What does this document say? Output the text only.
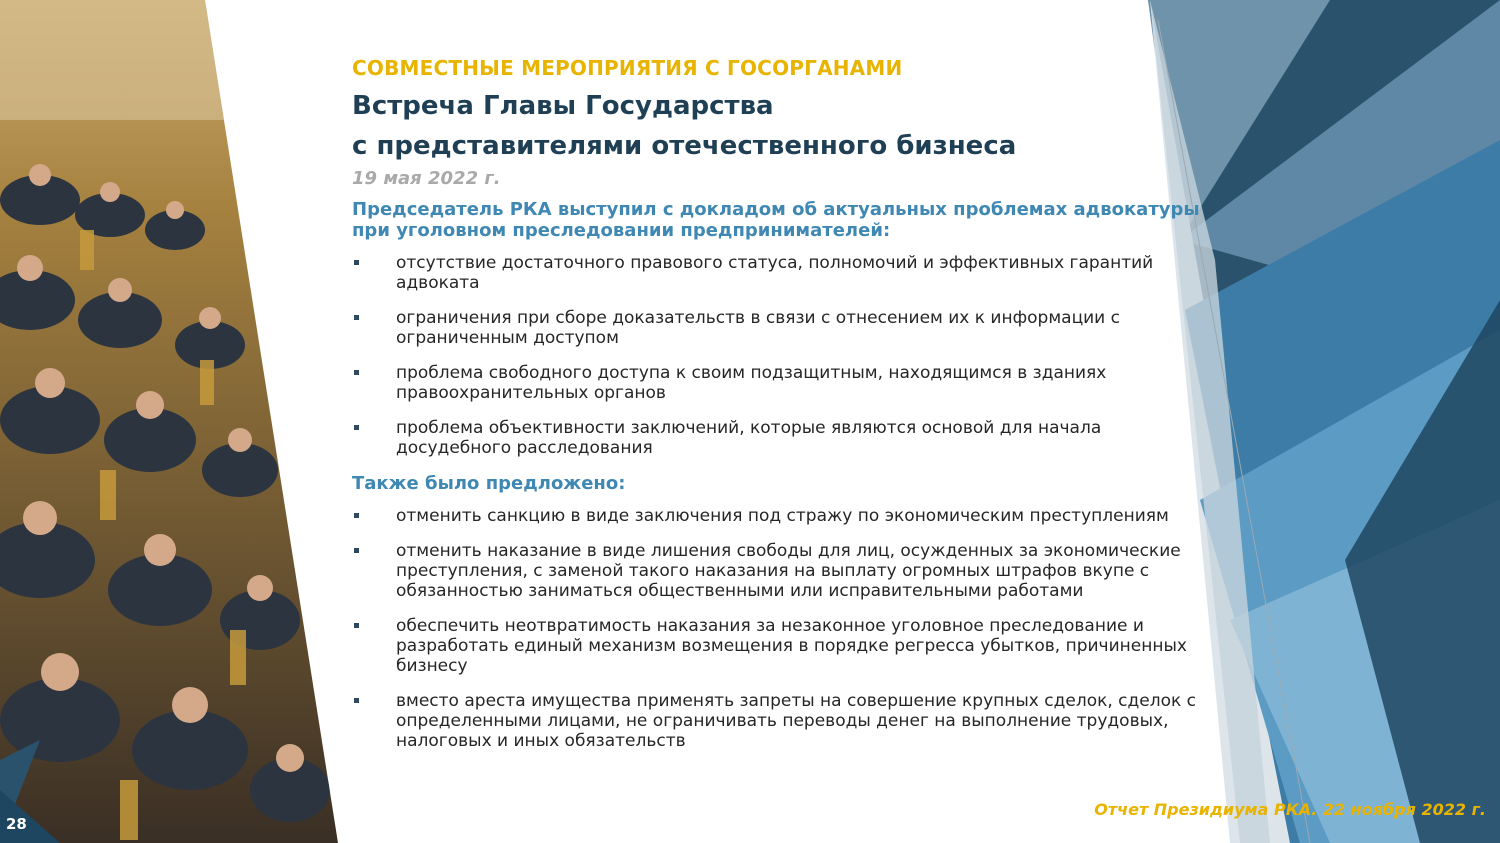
СОВМЕСТНЫЕ МЕРОПРИЯТИЯ С ГОСОРГАНАМИ
Встреча Главы Государства
с представителями отечественного бизнеса
19 мая 2022 г.
Председатель РКА выступил с докладом об актуальных проблемах адвокатуры при уголовном преследовании предпринимателей:
отсутствие достаточного правового статуса, полномочий и эффективных гарантий адвоката
ограничения при сборе доказательств в связи с отнесением их к информации с ограниченным доступом
проблема свободного доступа к своим подзащитным, находящимся в зданиях правоохранительных органов
проблема объективности заключений, которые являются основой для начала досудебного расследования
Также было предложено:
отменить санкцию в виде заключения под стражу по экономическим преступлениям
отменить наказание в виде лишения свободы для лиц, осужденных за экономические преступления, с заменой такого наказания на выплату огромных штрафов вкупе с обязанностью заниматься общественными или исправительными работами
обеспечить неотвратимость наказания за незаконное уголовное преследование и разработать единый механизм возмещения в порядке регресса убытков, причиненных бизнесу
вместо ареста имущества применять запреты на совершение крупных сделок, сделок с определенными лицами, не ограничивать переводы денег на выполнение трудовых, налоговых и иных обязательств
Отчет Президиума РКА. 22 ноября 2022 г.
28
